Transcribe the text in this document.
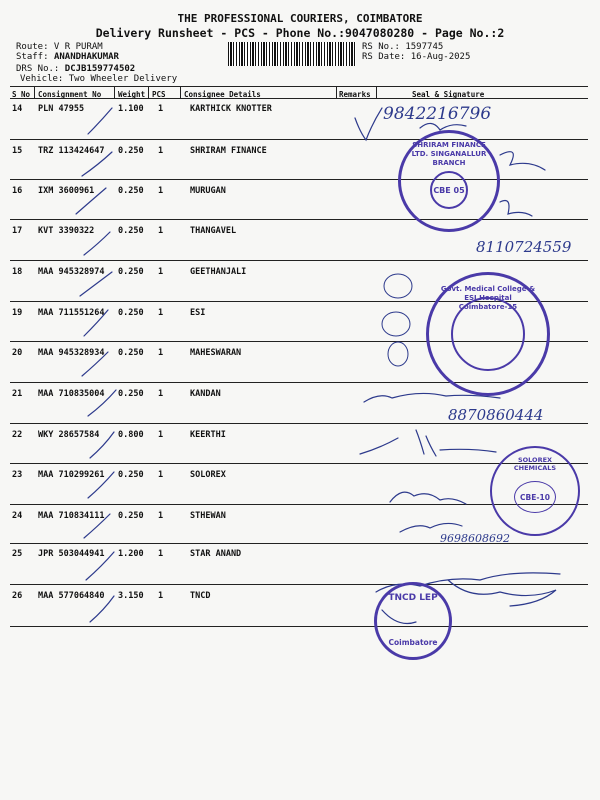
THE PROFESSIONAL COURIERS, COIMBATORE
Delivery Runsheet - PCS - Phone No.:9047080280 - Page No.:2
Route: V R PURAM
Staff: ANANDHAKUMAR
DRS No.: DCJB159774502
Vehicle: Two Wheeler Delivery
RS No.: 1597745
RS Date: 16-Aug-2025
S No Consignment No Weight PCS Consignee Details	Remarks	Seal & Signature
14 PLN 47955	1.100 1	KARTHICK KNOTTER
15 TRZ 113424647 0.250 1	SHRIRAM FINANCE
16 IXM 3600961	0.250 1	MURUGAN
17 KVT 3390322	0.250 1	THANGAVEL
18 MAA 945328974 0.250 1	GEETHANJALI
19 MAA 711551264 0.250 1	ESI
20 MAA 945328934 0.250 1	MAHESWARAN
21 MAA 710835004 0.250 1	KANDAN
22 WKY 28657584 0.800 1	KEERTHI
23 MAA 710299261 0.250 1	SOLOREX
24 MAA 710834111 0.250 1	STHEWAN
25 JPR 503044941 1.200 1	STAR ANAND
26 MAA 577064840 3.150 1	TNCD
9842216796
8110724559
8870860444
9698608692
SHRIRAM FINANCE LTD. SINGANALLUR BRANCH
CBE 05
Govt. Medical College & ESI Hospital Coimbatore-15
SOLOREX CHEMICALS
CBE-10
TNCD LEP
Coimbatore
